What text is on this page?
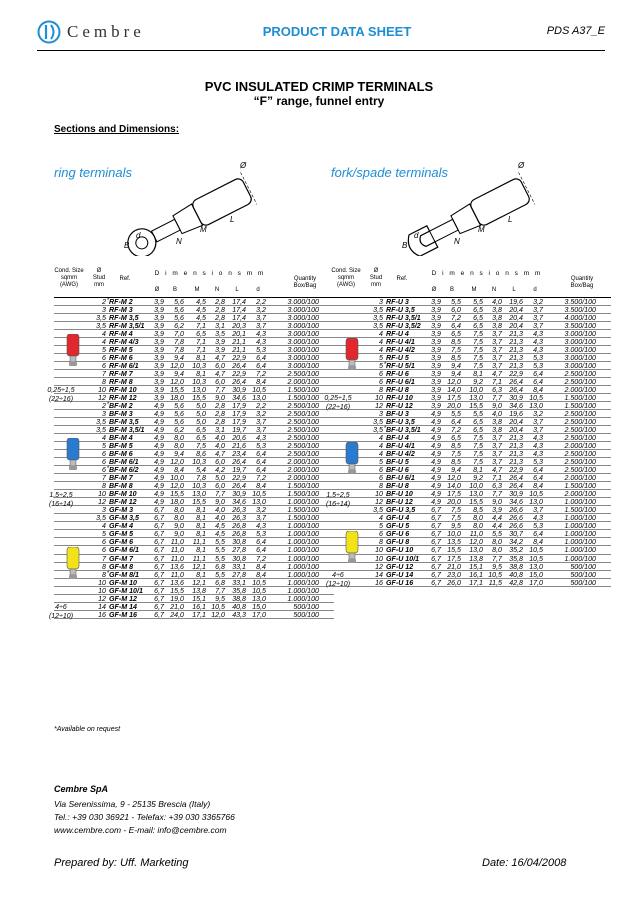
Cembre	PRODUCT DATA SHEET	PDS A37_E
PVC INSULATED CRIMP TERMINALS
“F” range, funnel entry
Sections and Dimensions:
ring terminals	fork/spade terminals
Ø
L
M
N
d
B
Ø
L
M
N
d
B
Cond. Size
sqmm
(AWG)
Ø
Stud
mm
Ref.	Quantity
Box/Bag
Ø	B	M	N	L	d
D i m e n s i o n s m m
2 RF-M 2	3,9	5,6	4,5	2,8	17,4	2,2	3.000/100
*
3 RF-M 3	3,9	5,6	4,5	2,8	17,4	3,2	3.000/100
3,5 RF-M 3,5	3,9	5,6	4,5	2,8	17,4	3,7	3.000/100
3,5 RF-M 3,5/1	3,9	6,2	7,1	3,1	20,3	3,7	3.000/100
4 RF-M 4	3,9	7,0	6,5	3,5	20,1	4,3	3.000/100
4 RF-M 4/3	3,9	7,8	7,1	3,9	21,1	4,3	3.000/100
5 RF-M 5	3,9	7,8	7,1	3,9	21,1	5,3	3.000/100
6 RF-M 6	3,9	9,4	8,1	4,7	22,9	6,4	3.000/100
6 RF-M 6/1	3,9 12,0	10,3	6,0	26,4	6,4	3.000/100
7 RF-M 7	3,9	9,4	8,1	4,7	22,9	7,2	2.500/100
8 RF-M 8	3,9 12,0	10,3	6,0	26,4	8,4	2.000/100
10 RF-M 10	3,9 15,5	13,0	7,7	30,9 10,5	1.500/100
12 RF-M 12	3,9 18,0	15,5	9,0	34,6 13,0	1.500/100
0,25÷1,5
(22÷16)
2 BF-M 2	4,9	5,6	5,0	2,8	17,9	2,2	2.500/100
*
3 BF-M 3	4,9	5,6	5,0	2,8	17,9	3,2	2.500/100
3,5 BF-M 3,5	4,9	5,6	5,0	2,8	17,9	3,7	2.500/100
3,5 BF-M 3,5/1	4,9	6,2	6,5	3,1	19,7	3,7	2.500/100
4 BF-M 4	4,9	8,0	6,5	4,0	20,6	4,3	2.500/100
5 BF-M 5	4,9	8,0	7,5	4,0	21,6	5,3	2.500/100
6 BF-M 6	4,9	9,4	8,6	4,7	23,4	6,4	2.500/100
6 BF-M 6/1	4,9 12,0	10,3	6,0	26,4	6,4	2.000/100
6 BF-M 6/2	4,9	8,4	5,4	4,2	19,7	6,4	2.000/100
*
7 BF-M 7	4,9 10,0	7,8	5,0	22,9	7,2	2.000/100
8 BF-M 8	4,9 12,0	10,3	6,0	26,4	8,4	1.500/100
10 BF-M 10	4,9 15,5	13,0	7,7	30,9 10,5	1.500/100
12 BF-M 12	4,9 18,0	15,5	9,0	34,6 13,0	1.000/100
1,5÷2,5
(16÷14)
3 GF-M 3	6,7	8,0	8,1	4,0	26,3	3,2	1.500/100
3,5 GF-M 3,5	6,7	8,0	8,1	4,0	26,3	3,7	1.500/100
4 GF-M 4	6,7	9,0	8,1	4,5	26,8	4,3	1.000/100
5 GF-M 5	6,7	9,0	8,1	4,5	26,8	5,3	1.000/100
6 GF-M 6	6,7 11,0	11,1	5,5	30,8	6,4	1.000/100
6 GF-M 6/1	6,7 11,0	8,1	5,5	27,8	6,4	1.000/100
7 GF-M 7	6,7 11,0	11,1	5,5	30,8	7,2	1.000/100
8 GF-M 8	6,7 13,6	12,1	6,8	33,1	8,4	1.000/100
8 GF-M 8/1	6,7 11,0	8,1	5,5	27,8	8,4	1.000/100
*
10 GF-M 10	6,7 13,6	12,1	6,8	33,1 10,5	1.000/100
10 GF-M 10/1	6,7 15,5	13,8	7,7	35,8 10,5	1.000/100
12 GF-M 12	6,7 19,0	15,1	9,5	38,8 13,0	1.000/100
14 GF-M 14	6,7 21,0	16,1 10,5	40,8 15,0	500/100
16 GF-M 16	6,7 24,0	17,1 12,0	43,3 17,0	500/100
4÷6
(12÷10)
Cond. Size
sqmm
(AWG)
Ø
Stud
mm
Ref.	Quantity
Box/Bag
Ø	B	M	N	L	d
D i m e n s i o n s m m
3 RF-U 3	3,9	5,5	5,5	4,0	19,6	3,2	3.500/100
3,5 RF-U 3,5	3,9	6,0	6,5	3,8	20,4	3,7	3.500/100
3,5 RF-U 3,5/1	3,9	7,2	6,5	3,8	20,4	3,7	4.000/100
3,5 RF-U 3,5/2	3,9	6,4	6,5	3,8	20,4	3,7	3.500/100
4 RF-U 4	3,9	6,5	7,5	3,7	21,3	4,3	3.000/100
4 RF-U 4/1	3,9	8,5	7,5	3,7	21,3	4,3	3.000/100
4 RF-U 4/2	3,9	7,5	7,5	3,7	21,3	4,3	3.000/100
5 RF-U 5	3,9	8,5	7,5	3,7	21,3	5,3	3.000/100
5 RF-U 5/1	3,9	9,4	7,5	3,7	21,3	5,3	3.000/100
*
6 RF-U 6	3,9	9,4	8,1	4,7	22,9	6,4	2.500/100
6 RF-U 6/1	3,9 12,0	9,2	7,1	26,4	6,4	2.500/100
8 RF-U 8	3,9 14,0	10,0	6,3	26,4	8,4	2.000/100
10 RF-U 10	3,9 17,5	13,0	7,7	30,9 10,5	1.500/100
12 RF-U 12	3,9 20,0	15,5	9,0	34,6 13,0	1.500/100
0,25÷1,5
(22÷16)
3 BF-U 3	4,9	5,5	5,5	4,0	19,6	3,2	2.500/100
3,5 BF-U 3,5	4,9	6,4	6,5	3,8	20,4	3,7	2.500/100
3,5 BF-U 3,5/1	4,9	7,2	6,5	3,8	20,4	3,7	2.500/100
*
4 BF-U 4	4,9	6,5	7,5	3,7	21,3	4,3	2.500/100
4 BF-U 4/1	4,9	8,5	7,5	3,7	21,3	4,3	2.000/100
4 BF-U 4/2	4,9	7,5	7,5	3,7	21,3	4,3	2.500/100
5 BF-U 5	4,9	8,5	7,5	3,7	21,3	5,3	2.500/100
6 BF-U 6	4,9	9,4	8,1	4,7	22,9	6,4	2.500/100
6 BF-U 6/1	4,9 12,0	9,2	7,1	26,4	6,4	2.000/100
8 BF-U 8	4,9 14,0	10,0	6,3	26,4	8,4	1.500/100
10 BF-U 10	4,9 17,5	13,0	7,7	30,9 10,5	2.000/100
12 BF-U 12	4,9 20,0	15,5	9,0	34,6 13,0	1.000/100
1,5÷2,5
(16÷14)
3,5 GF-U 3,5	6,7	7,5	8,5	3,9	26,6	3,7	1.500/100
4 GF-U 4	6,7	7,5	8,0	4,4	26,6	4,3	1.000/100
5 GF-U 5	6,7	9,5	8,0	4,4	26,6	5,3	1.000/100
6 GF-U 6	6,7 10,0	11,0	5,5	30,7	6,4	1.000/100
8 GF-U 8	6,7 13,5	12,0	8,0	34,2	8,4	1.000/100
10 GF-U 10	6,7 15,5	13,0	8,0	35,2 10,5	1.000/100
10 GF-U 10/1	6,7 17,5	13,8	7,7	35,8 10,5	1.000/100
12 GF-U 12	6,7 21,0	15,1	9,5	38,8 13,0	500/100
14 GF-U 14	6,7 23,0	16,1 10,5	40,8 15,0	500/100
16 GF-U 16	6,7 26,0	17,1 11,5	42,8 17,0	500/100
4÷6
(12÷10)
*Available on request
Cembre SpA
Via Serenissima, 9 - 25135 Brescia (Italy)
Tel.: +39 030 36921 - Telefax: +39 030 3365766
www.cembre.com - E-mail: info@cembre.com
Prepared by: Uff. Marketing	Date: 16/04/2008
